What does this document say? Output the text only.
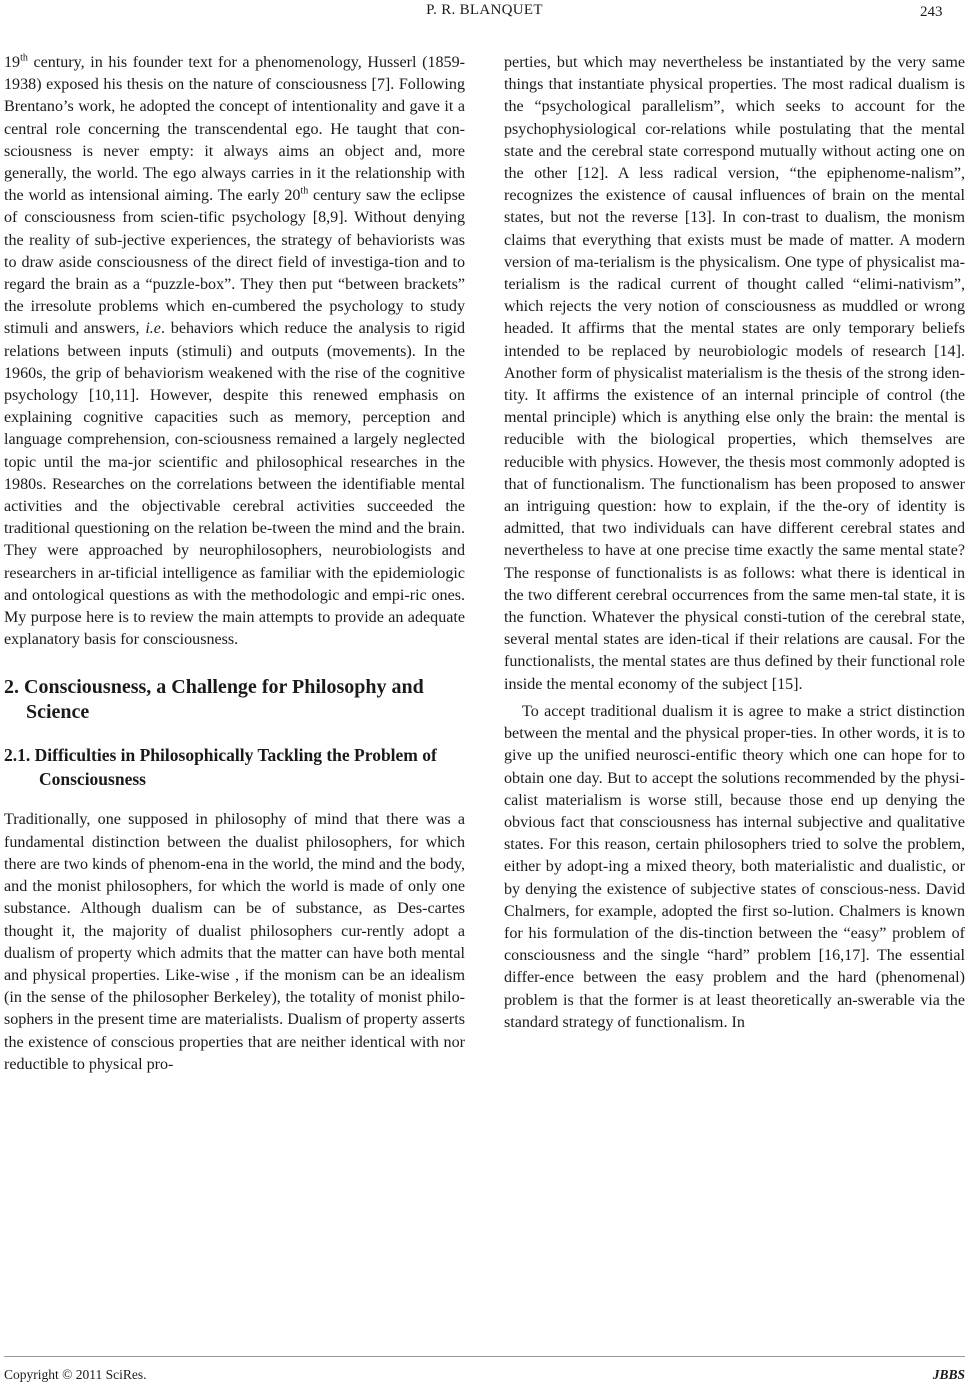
P. R. BLANQUET	243

19th century, in his founder text for a phenomenology, Husserl (1859-1938) exposed his thesis on the nature of consciousness [7]. Following Brentano’s work, he adopted the concept of intentionality and gave it a central role concerning the transcendental ego. He taught that con-sciousness is never empty: it always aims an object and, more generally, the world. The ego always carries in it the relationship with the world as intensional aiming. The early 20th century saw the eclipse of consciousness from scien-tific psychology [8,9]. Without denying the reality of sub-jective experiences, the strategy of behaviorists was to draw aside consciousness of the direct field of investiga-tion and to regard the brain as a “puzzle-box”. They then put “between brackets” the irresolute problems which en-cumbered the psychology to study stimuli and answers, i.e. behaviors which reduce the analysis to rigid relations between inputs (stimuli) and outputs (movements). In the 1960s, the grip of behaviorism weakened with the rise of the cognitive psychology [10,11]. However, despite this renewed emphasis on explaining cognitive capacities such as memory, perception and language comprehension, con-sciousness remained a largely neglected topic until the ma-jor scientific and philosophical researches in the 1980s. Researches on the correlations between the identifiable mental activities and the objectivable cerebral activities succeeded the traditional questioning on the relation be-tween the mind and the brain. They were approached by neurophilosophers, neurobiologists and researchers in ar-tificial intelligence as familiar with the epidemiologic and ontological questions as with the methodologic and empi-ric ones. My purpose here is to review the main attempts to provide an adequate explanatory basis for consciousness.

2. Consciousness, a Challenge for Philosophy and Science
2.1. Difficulties in Philosophically Tackling the Problem of Consciousness

Traditionally, one supposed in philosophy of mind that there was a fundamental distinction between the dualist philosophers, for which there are two kinds of phenom-ena in the world, the mind and the body, and the monist philosophers, for which the world is made of only one substance. Although dualism can be of substance, as Des-cartes thought it, the majority of dualist philosophers cur-rently adopt a dualism of property which admits that the matter can have both mental and physical properties. Like-wise , if the monism can be an idealism (in the sense of the philosopher Berkeley), the totality of monist philo-sophers in the present time are materialists. Dualism of property asserts the existence of conscious properties that are neither identical with nor reductible to physical pro-

perties, but which may nevertheless be instantiated by the very same things that instantiate physical properties. The most radical dualism is the “psychological parallelism”, which seeks to account for the psychophysiological cor-relations while postulating that the mental state and the cerebral state correspond mutually without acting one on the other [12]. A less radical version, “the epiphenome-nalism”, recognizes the existence of causal influences of brain on the mental states, but not the reverse [13]. In con-trast to dualism, the monism claims that everything that exists must be made of matter. A modern version of ma-terialism is the physicalism. One type of physicalist ma-terialism is the radical current of thought called “elimi-nativism”, which rejects the very notion of consciousness as muddled or wrong headed. It affirms that the mental states are only temporary beliefs intended to be replaced by neurobiologic models of research [14]. Another form of physicalist materialism is the thesis of the strong iden-tity. It affirms the existence of an internal principle of control (the mental principle) which is anything else only the brain: the mental is reducible with the biological properties, which themselves are reducible with physics. However, the thesis most commonly adopted is that of functionalism. The functionalism has been proposed to answer an intriguing question: how to explain, if the the-ory of identity is admitted, that two individuals can have different cerebral states and nevertheless to have at one precise time exactly the same mental state? The response of functionalists is as follows: what there is identical in the two different cerebral occurrences from the same men-tal state, it is the function. Whatever the physical consti-tution of the cerebral state, several mental states are iden-tical if their relations are causal. For the functionalists, the mental states are thus defined by their functional role inside the mental economy of the subject [15].

To accept traditional dualism it is agree to make a strict distinction between the mental and the physical proper-ties. In other words, it is to give up the unified neurosci-entific theory which one can hope for to obtain one day. But to accept the solutions recommended by the physi-calist materialism is worse still, because those end up denying the obvious fact that consciousness has internal subjective and qualitative states. For this reason, certain philosophers tried to solve the problem, either by adopt-ing a mixed theory, both materialistic and dualistic, or by denying the existence of subjective states of conscious-ness. David Chalmers, for example, adopted the first so-lution. Chalmers is known for his formulation of the dis-tinction between the “easy” problem of consciousness and the single “hard” problem [16,17]. The essential differ-ence between the easy problem and the hard (phenomenal) problem is that the former is at least theoretically an-swerable via the standard strategy of functionalism. In

Copyright © 2011 SciRes.	JBBS
